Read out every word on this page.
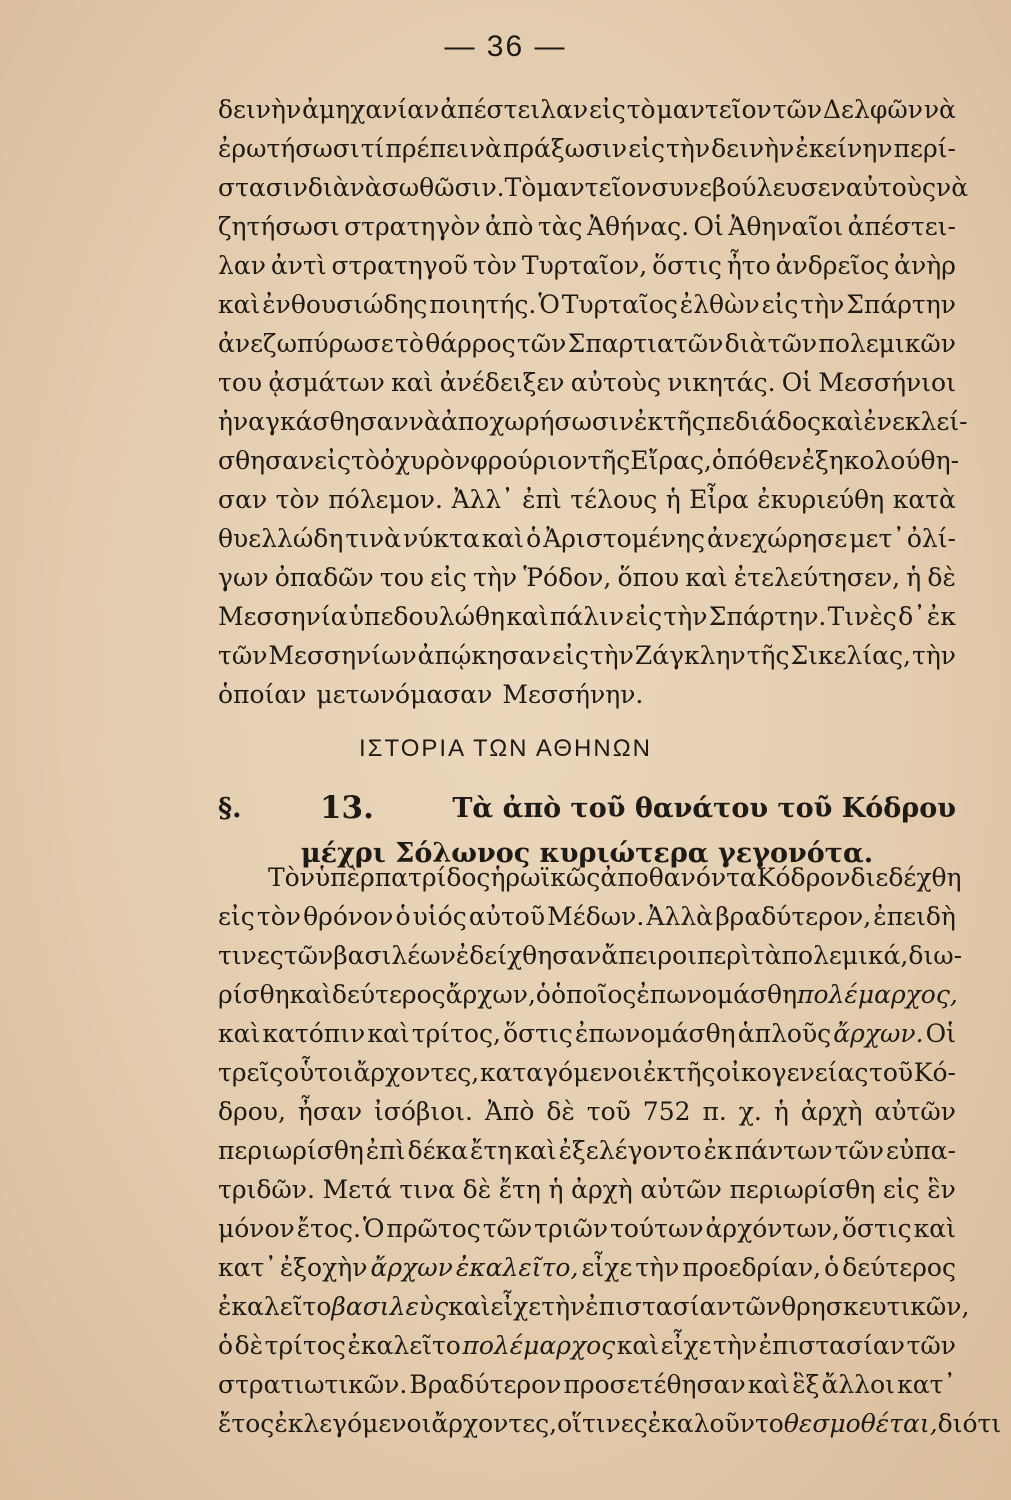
— 36 —
δεινὴν ἀμηχανίαν ἀπέστειλαν εἰς τὸ μαντεῖον τῶν Δελφῶν νὰ
ἐρωτήσωσι τί πρέπει νὰ πράξωσιν εἰς τὴν δεινὴν ἐκείνην περί-
στασιν διὰ νὰ σωθῶσιν. Τὸ μαντεῖον συνεβούλευσεν αὐτοὺς νὰ
ζητήσωσι στρατηγὸν ἀπὸ τὰς Ἀθήνας. Οἱ Ἀθηναῖοι ἀπέστει-
λαν ἀντὶ στρατηγοῦ τὸν Τυρταῖον, ὅστις ἦτο ἀνδρεῖος ἀνὴρ
καὶ ἐνθουσιώδης ποιητής. Ὁ Τυρταῖος ἐλθὼν εἰς τὴν Σπάρτην
ἀνεζωπύρωσε τὸ θάρρος τῶν Σπαρτιατῶν διὰ τῶν πολεμικῶν
του ᾀσμάτων καὶ ἀνέδειξεν αὐτοὺς νικητάς. Οἱ Μεσσήνιοι
ἠναγκάσθησαν νὰ ἀποχωρήσωσιν ἐκ τῆς πεδιάδος καὶ ἐνεκλεί-
σθησαν εἰς τὸ ὀχυρὸν φρούριον τῆς Εἴρας, ὁπόθεν ἐξηκολούθη-
σαν τὸν πόλεμον. Ἀλλ᾽ ἐπὶ τέλους ἡ Εἶρα ἐκυριεύθη κατὰ
θυελλώδη τινὰ νύκτα καὶ ὁ Ἀριστομένης ἀνεχώρησε μετ᾽ ὀλί-
γων ὀπαδῶν του εἰς τὴν Ῥόδον, ὅπου καὶ ἐτελεύτησεν, ἡ δὲ
Μεσσηνία ὑπεδουλώθη καὶ πάλιν εἰς τὴν Σπάρτην. Τινὲς δ᾽ ἐκ
τῶν Μεσσηνίων ἀπῴκησαν εἰς τὴν Ζάγκλην τῆς Σικελίας, τὴν
ὁποίαν μετωνόμασαν Μεσσήνην.
ΙΣΤΟΡΙΑ ΤΩΝ ΑΘΗΝΩΝ
§.	13.	Τὰ ἀπὸ τοῦ θανάτου τοῦ Κόδρου
μέχρι Σόλωνος κυριώτερα γεγονότα.
Τὸν ὑπὲρ πατρίδος ἡρωϊκῶς ἀποθανόντα Κόδρον διεδέχθη
εἰς τὸν θρόνον ὁ υἱός αὐτοῦ Μέδων. Ἀλλὰ βραδύτερον, ἐπειδὴ
τινες τῶν βασιλέων ἐδείχθησαν ἄπειροι περὶ τὰ πολεμικά, διω-
ρίσθη καὶ δεύτερος ἄρχων, ὁ ὁποῖος ἐπωνομάσθη πολέμαρχος,
καὶ κατόπιν καὶ τρίτος, ὅστις ἐπωνομάσθη ἁπλοῦς ἄρχων. Οἱ
τρεῖς οὗτοι ἄρχοντες, καταγόμενοι ἐκ τῆς οἰκογενείας τοῦ Κό-
δρου, ἦσαν ἰσόβιοι. Ἀπὸ δὲ τοῦ 752 π. χ. ἡ ἀρχὴ αὐτῶν
περιωρίσθη ἐπὶ δέκα ἔτη καὶ ἐξελέγοντο ἐκ πάντων τῶν εὐπα-
τριδῶν. Μετά τινα δὲ ἔτη ἡ ἀρχὴ αὐτῶν περιωρίσθη εἰς ἓν
μόνον ἔτος. Ὁ πρῶτος τῶν τριῶν τούτων ἀρχόντων, ὅστις καὶ
κατ᾽ ἐξοχὴν ἄρχων ἐκαλεῖτο, εἶχε τὴν προεδρίαν, ὁ δεύτερος
ἐκαλεῖτο βασιλεὺς καὶ εἶχε τὴν ἐπιστασίαν τῶν θρησκευτικῶν,
ὁ δὲ τρίτος ἐκαλεῖτο πολέμαρχος καὶ εἶχε τὴν ἐπιστασίαν τῶν
στρατιωτικῶν. Βραδύτερον προσετέθησαν καὶ ἓξ ἄλλοι κατ᾽
ἔτος ἐκλεγόμενοι ἄρχοντες, οἵτινες ἐκαλοῦντο θεσμοθέται, διότι
